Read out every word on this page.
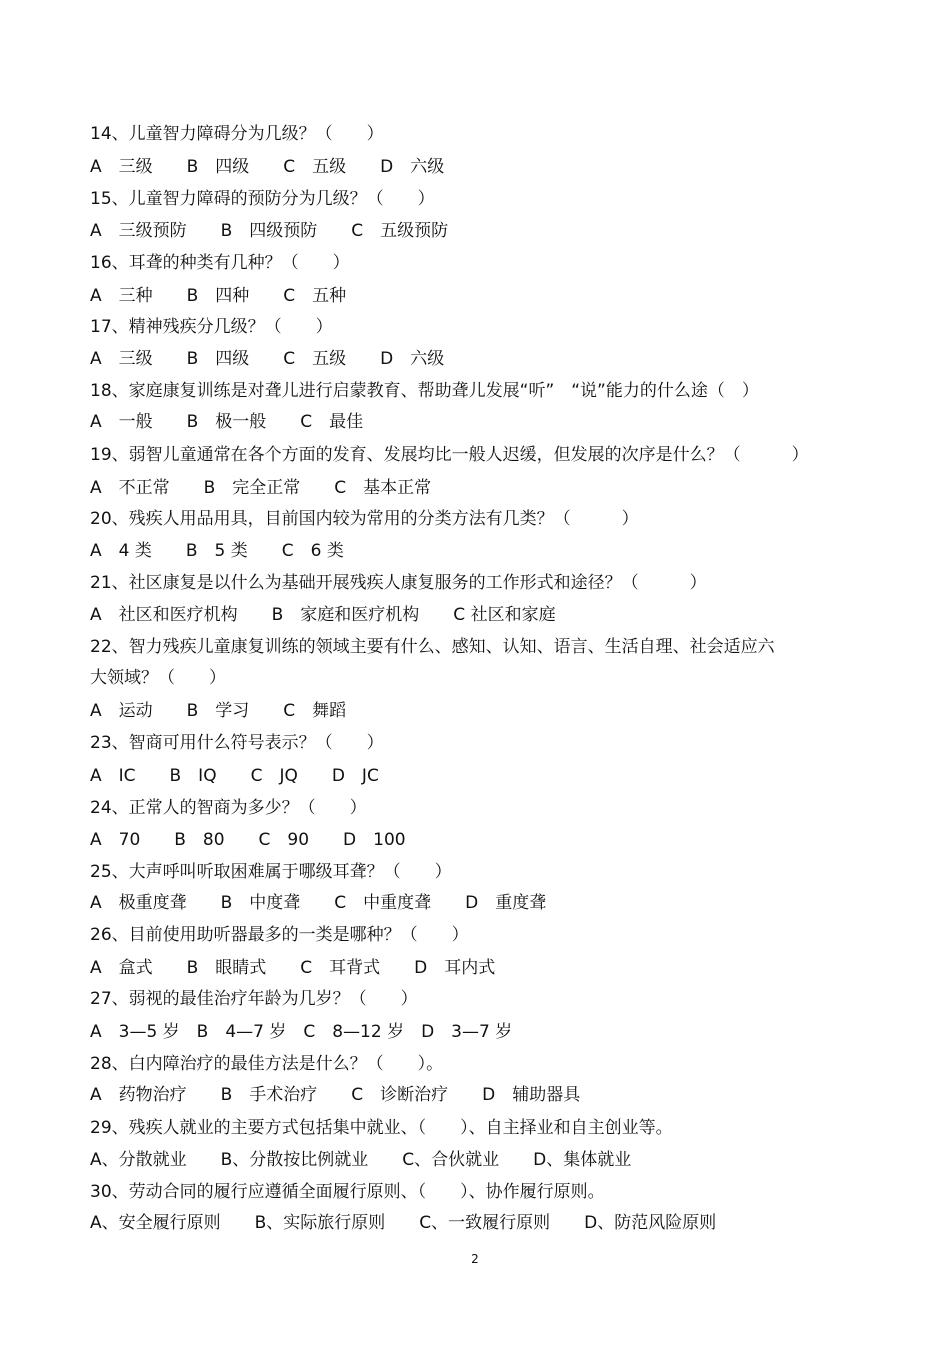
14、儿童智力障碍分为几级？（　　）
A　三级　　B　四级　　C　五级　　D　六级
15、儿童智力障碍的预防分为几级？（　　）
A　三级预防　　B　四级预防　　C　五级预防
16、耳聋的种类有几种？（　　）
A　三种　　B　四种　　C　五种
17、精神残疾分几级？（　　）
A　三级　　B　四级　　C　五级　　D　六级
18、家庭康复训练是对聋儿进行启蒙教育、帮助聋儿发展“听”　“说”能力的什么途（　）
A　一般　　B　极一般　　C　最佳
19、弱智儿童通常在各个方面的发育、发展均比一般人迟缓，但发展的次序是什么？（　　　）
A　不正常　　B　完全正常　　C　基本正常
20、残疾人用品用具，目前国内较为常用的分类方法有几类？（　　　）
A　4 类　　B　5 类　　C　6 类
21、社区康复是以什么为基础开展残疾人康复服务的工作形式和途径？（　　　）
A　社区和医疗机构　　B　家庭和医疗机构　　C 社区和家庭
22、智力残疾儿童康复训练的领域主要有什么、感知、认知、语言、生活自理、社会适应六
大领域？（　　）
A　运动　　B　学习　　C　舞蹈
23、智商可用什么符号表示？（　　）
A　IC　　B　IQ　　C　JQ　　D　JC
24、正常人的智商为多少？（　　）
A　70　　B　80　　C　90　　D　100
25、大声呼叫听取困难属于哪级耳聋？（　　）
A　极重度聋　　B　中度聋　　C　中重度聋　　D　重度聋
26、目前使用助听器最多的一类是哪种？（　　）
A　盒式　　B　眼睛式　　C　耳背式　　D　耳内式
27、弱视的最佳治疗年龄为几岁？（　　）
A　3—5 岁　B　4—7 岁　C　8—12 岁　D　3—7 岁
28、白内障治疗的最佳方法是什么？（　　）。
A　药物治疗　　B　手术治疗　　C　诊断治疗　　D　辅助器具
29、残疾人就业的主要方式包括集中就业、（　　）、自主择业和自主创业等。
A、分散就业　　B、分散按比例就业　　C、合伙就业　　D、集体就业
30、劳动合同的履行应遵循全面履行原则、（　　）、协作履行原则。
A、安全履行原则　　B、实际旅行原则　　C、一致履行原则　　D、防范风险原则
2
